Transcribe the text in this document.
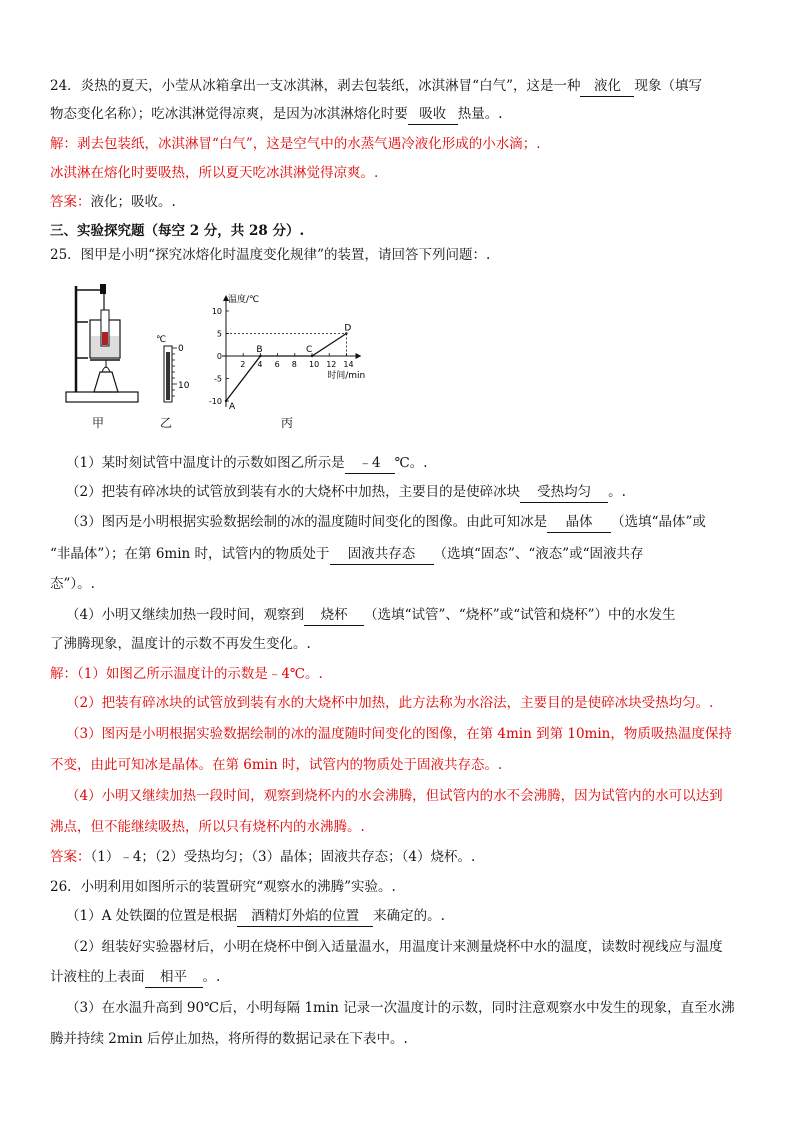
24．炎热的夏天，小莹从冰箱拿出一支冰淇淋，剥去包装纸，冰淇淋冒“白气”，这是一种 液化 现象（填写
物态变化名称）；吃冰淇淋觉得凉爽，是因为冰淇淋熔化时要 吸收 热量。.
解：剥去包装纸，冰淇淋冒“白气”，这是空气中的水蒸气遇冷液化形成的小水滴；.
冰淇淋在熔化时要吸热，所以夏天吃冰淇淋觉得凉爽。.
答案：液化；吸收。.
三、实验探究题（每空 2 分，共 28 分）.
25．图甲是小明“探究冰熔化时温度变化规律”的装置，请回答下列问题：.
℃
0
10
温度/℃
时间/min
2 4 6 8 10 12 14
10
5
0
-5
-10
A
B	C
D
甲	乙	丙
（1）某时刻试管中温度计的示数如图乙所示是 ﹣4 ℃。.
（2）把装有碎冰块的试管放到装有水的大烧杯中加热，主要目的是使碎冰块 受热均匀 。.
（3）图丙是小明根据实验数据绘制的冰的温度随时间变化的图像。由此可知冰是 晶体 （选填“晶体”或
“非晶体”）；在第 6min 时，试管内的物质处于 固液共存态 （选填“固态”、“液态”或“固液共存
态”）。.
（4）小明又继续加热一段时间，观察到 烧杯 （选填“试管”、“烧杯”或“试管和烧杯”）中的水发生
了沸腾现象，温度计的示数不再发生变化。.
解：（1）如图乙所示温度计的示数是﹣4℃。.
（2）把装有碎冰块的试管放到装有水的大烧杯中加热，此方法称为水浴法，主要目的是使碎冰块受热均匀。.
（3）图丙是小明根据实验数据绘制的冰的温度随时间变化的图像，在第 4min 到第 10min，物质吸热温度保持
不变，由此可知冰是晶体。在第 6min 时，试管内的物质处于固液共存态。.
（4）小明又继续加热一段时间，观察到烧杯内的水会沸腾，但试管内的水不会沸腾，因为试管内的水可以达到
沸点，但不能继续吸热，所以只有烧杯内的水沸腾。.
答案：（1）﹣4；（2）受热均匀；（3）晶体；固液共存态；（4）烧杯。.
26．小明利用如图所示的装置研究“观察水的沸腾”实验。.
（1）A 处铁圈的位置是根据 酒精灯外焰的位置 来确定的。.
（2）组装好实验器材后，小明在烧杯中倒入适量温水，用温度计来测量烧杯中水的温度，读数时视线应与温度
计液柱的上表面 相平 。.
（3）在水温升高到 90℃后，小明每隔 1min 记录一次温度计的示数，同时注意观察水中发生的现象，直至水沸
腾并持续 2min 后停止加热，将所得的数据记录在下表中。.
